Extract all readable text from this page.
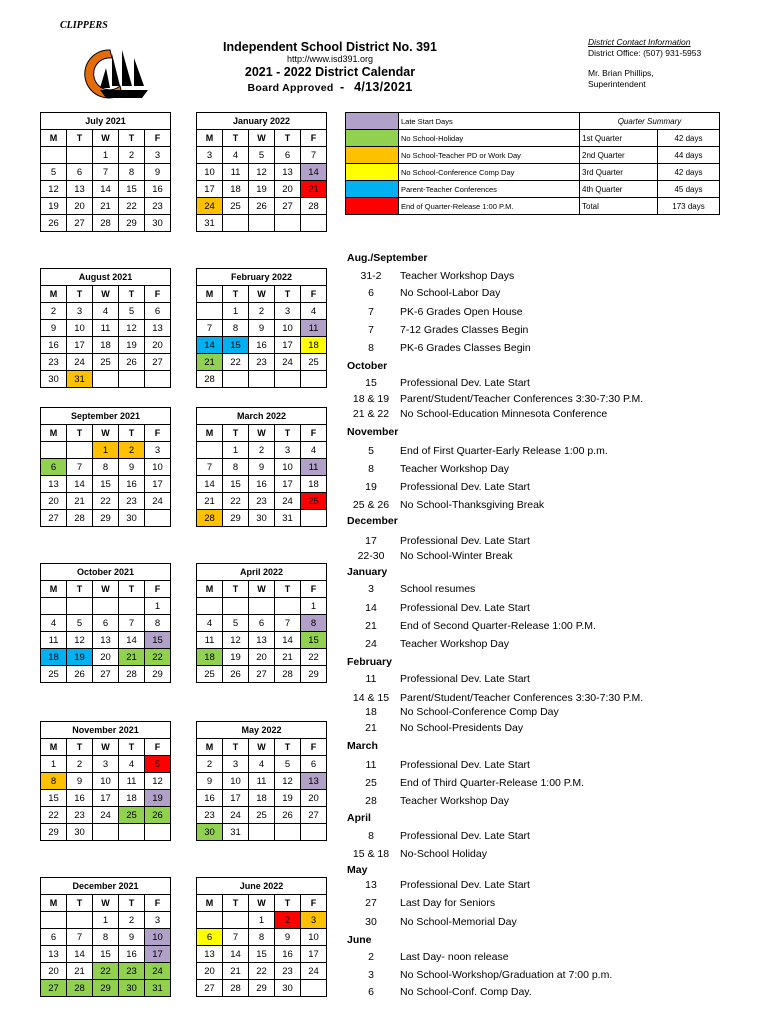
CLIPPERS
Independent School District No. 391
http://www.isd391.org
2021 - 2022 District Calendar
Board Approved - 4/13/2021
District Contact Information
District Office: (507) 931-5953
Mr. Brian Phillips,
Superintendent
	Late Start Days
	No School-Holiday
	No School-Teacher PD or Work Day
	No School-Conference Comp Day
	Parent-Teacher Conferences
	End of Quarter-Release 1:00 P.M.
Quarter Summary	
1st Quarter	42 days
2nd Quarter	44 days
3rd Quarter	42 days
4th Quarter	45 days
Total	173 days
July 2021				
M	T	W	T	F
		1	2	3
5	6	7	8	9
12	13	14	15	16
19	20	21	22	23
26	27	28	29	30
January 2022				
M	T	W	T	F
3	4	5	6	7
10	11	12	13	14
17	18	19	20	21
24	25	26	27	28
31				
August 2021				
M	T	W	T	F
2	3	4	5	6
9	10	11	12	13
16	17	18	19	20
23	24	25	26	27
30	31			
February 2022				
M	T	W	T	F
	1	2	3	4
7	8	9	10	11
14	15	16	17	18
21	22	23	24	25
28				
September 2021				
M	T	W	T	F
		1	2	3
6	7	8	9	10
13	14	15	16	17
20	21	22	23	24
27	28	29	30	
March 2022				
M	T	W	T	F
	1	2	3	4
7	8	9	10	11
14	15	16	17	18
21	22	23	24	25
28	29	30	31	
October 2021				
M	T	W	T	F
				1
4	5	6	7	8
11	12	13	14	15
18	19	20	21	22
25	26	27	28	29
April 2022				
M	T	W	T	F
				1
4	5	6	7	8
11	12	13	14	15
18	19	20	21	22
25	26	27	28	29
November 2021				
M	T	W	T	F
1	2	3	4	5
8	9	10	11	12
15	16	17	18	19
22	23	24	25	26
29	30			
May 2022				
M	T	W	T	F
2	3	4	5	6
9	10	11	12	13
16	17	18	19	20
23	24	25	26	27
30	31			
December 2021				
M	T	W	T	F
		1	2	3
6	7	8	9	10
13	14	15	16	17
20	21	22	23	24
27	28	29	30	31
June 2022				
M	T	W	T	F
		1	2	3
6	7	8	9	10
13	14	15	16	17
20	21	22	23	24
27	28	29	30	
Aug./September
31-2	Teacher Workshop Days
6	No School-Labor Day
7	PK-6 Grades Open House
7	7-12 Grades Classes Begin
8	PK-6 Grades Classes Begin
October
15	Professional Dev. Late Start
18 & 19	Parent/Student/Teacher Conferences 3:30-7:30 P.M.
21 & 22	No School-Education Minnesota Conference
November
5	End of First Quarter-Early Release 1:00 p.m.
8	Teacher Workshop Day
19	Professional Dev. Late Start
25 & 26	No School-Thanksgiving Break
December
17	Professional Dev. Late Start
22-30	No School-Winter Break
January
3	School resumes
14	Professional Dev. Late Start
21	End of Second Quarter-Release 1:00 P.M.
24	Teacher Workshop Day
February
11	Professional Dev. Late Start
14 & 15	Parent/Student/Teacher Conferences 3:30-7:30 P.M.
18	No School-Conference Comp Day
21	No School-Presidents Day
March
11	Professional Dev. Late Start
25	End of Third Quarter-Release 1:00 P.M.
28	Teacher Workshop Day
April
8	Professional Dev. Late Start
15 & 18	No-School Holiday
May
13	Professional Dev. Late Start
27	Last Day for Seniors
30	No School-Memorial Day
June
2	Last Day- noon release
3	No School-Workshop/Graduation at 7:00 p.m.
6	No School-Conf. Comp Day.
